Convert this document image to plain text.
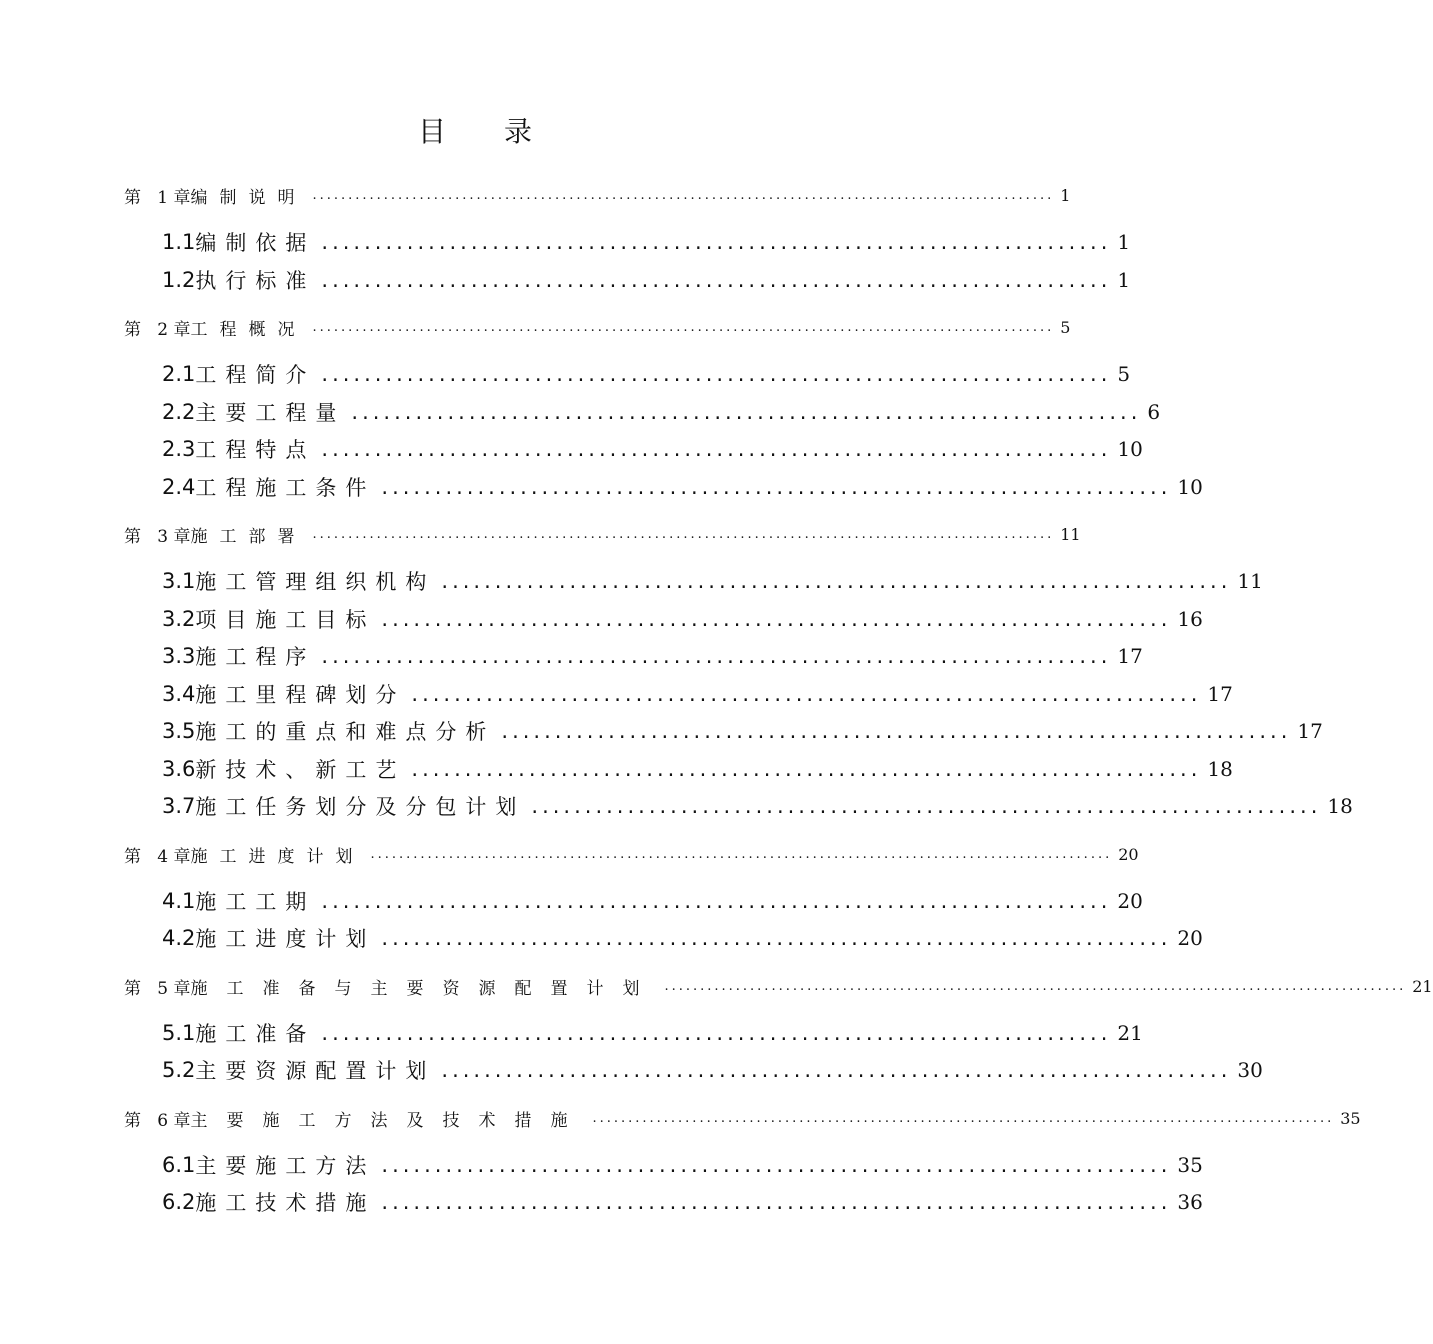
目录
第 1 章 编制说明 ........................................................................................................ 1
1.1 编制依据 .......................................................................... 1
1.2 执行标准 .......................................................................... 1
第 2 章 工程概况 ........................................................................................................ 5
2.1 工程简介 .......................................................................... 5
2.2 主要工程量 .......................................................................... 6
2.3 工程特点 .......................................................................... 10
2.4 工程施工条件 .......................................................................... 10
第 3 章 施工部署 ........................................................................................................ 11
3.1 施工管理组织机构 .......................................................................... 11
3.2 项目施工目标 .......................................................................... 16
3.3 施工程序 .......................................................................... 17
3.4 施工里程碑划分 .......................................................................... 17
3.5 施工的重点和难点分析 .......................................................................... 17
3.6 新技术、新工艺 .......................................................................... 18
3.7 施工任务划分及分包计划 .......................................................................... 18
第 4 章 施工进度计划 ........................................................................................................ 20
4.1 施工工期 .......................................................................... 20
4.2 施工进度计划 .......................................................................... 20
第 5 章 施工准备与主要资源配置计划 ........................................................................................................ 21
5.1 施工准备 .......................................................................... 21
5.2 主要资源配置计划 .......................................................................... 30
第 6 章 主要施工方法及技术措施 ........................................................................................................ 35
6.1 主要施工方法 .......................................................................... 35
6.2 施工技术措施 .......................................................................... 36
